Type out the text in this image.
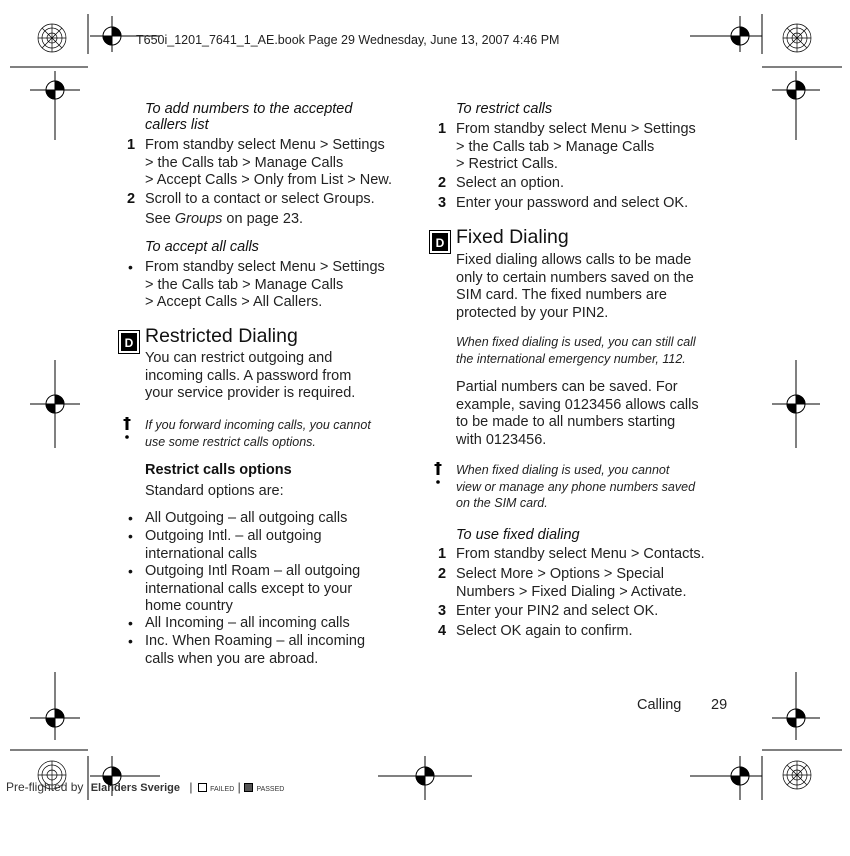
T650i_1201_7641_1_AE.book Page 29 Wednesday, June 13, 2007 4:46 PM
To add numbers to the accepted
callers list
1 From standby select Menu > Settings
> the Calls tab > Manage Calls
> Accept Calls > Only from List > New.
2 Scroll to a contact or select Groups.
See Groups on page 23.
To accept all calls
• From standby select Menu > Settings
> the Calls tab > Manage Calls
> Accept Calls > All Callers.
D Restricted Dialing
You can restrict outgoing and
incoming calls. A password from
your service provider is required.
If you forward incoming calls, you cannot
use some restrict calls options.
Restrict calls options
Standard options are:
• All Outgoing – all outgoing calls
• Outgoing Intl. – all outgoing
international calls
• Outgoing Intl Roam – all outgoing
international calls except to your
home country
• All Incoming – all incoming calls
• Inc. When Roaming – all incoming
calls when you are abroad.
To restrict calls
1 From standby select Menu > Settings
> the Calls tab > Manage Calls
> Restrict Calls.
2 Select an option.
3 Enter your password and select OK.
D Fixed Dialing
Fixed dialing allows calls to be made
only to certain numbers saved on the
SIM card. The fixed numbers are
protected by your PIN2.
When fixed dialing is used, you can still call
the international emergency number, 112.
Partial numbers can be saved. For
example, saving 0123456 allows calls
to be made to all numbers starting
with 0123456.
When fixed dialing is used, you cannot
view or manage any phone numbers saved
on the SIM card.
To use fixed dialing
1 From standby select Menu > Contacts.
2 Select More > Options > Special
Numbers > Fixed Dialing > Activate.
3 Enter your PIN2 and select OK.
4 Select OK again to confirm.
Calling 29
Pre-flighted by Elanders Sverige |	FAILED | PASSED
